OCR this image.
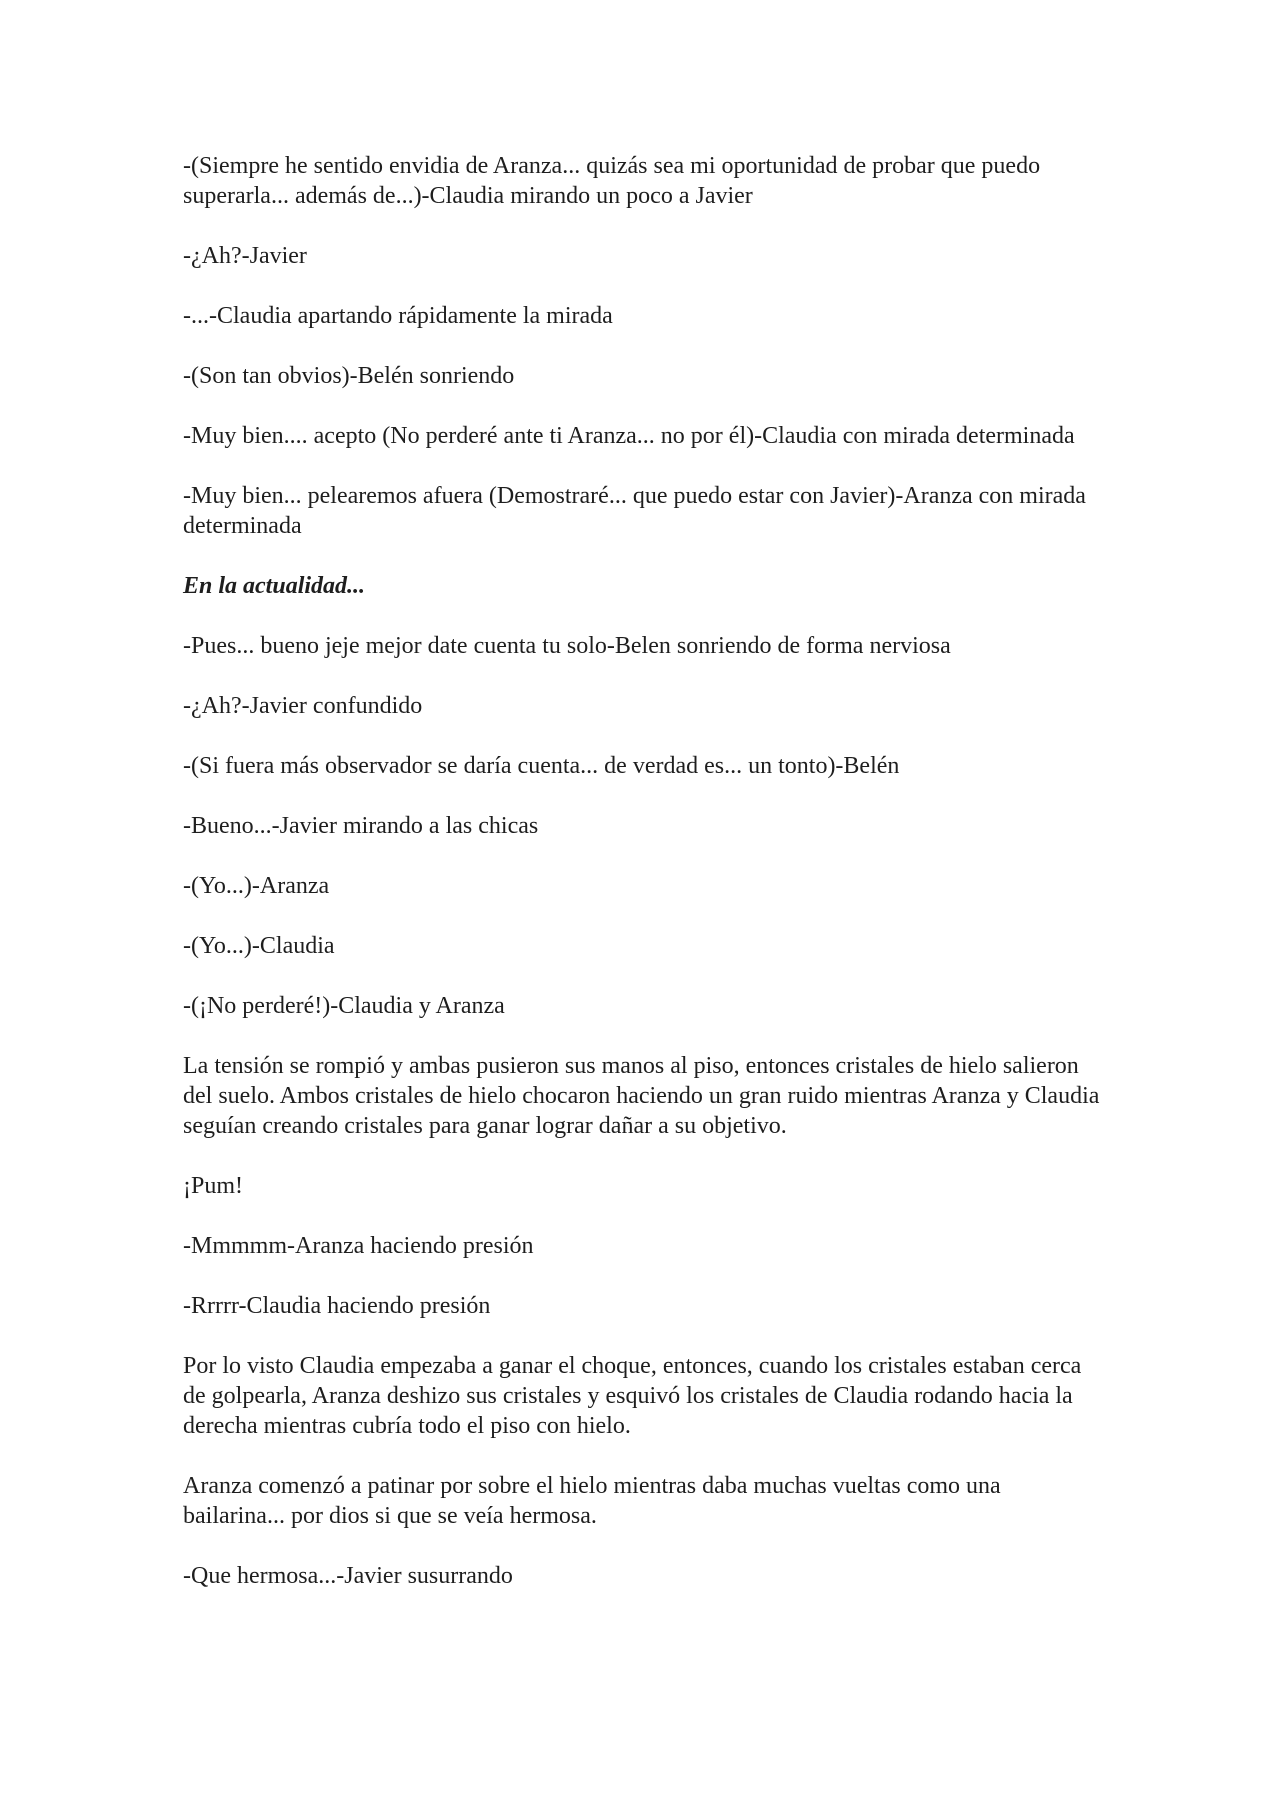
-(Siempre he sentido envidia de Aranza... quizás sea mi oportunidad de probar que puedo superarla... además de...)-Claudia mirando un poco a Javier

-¿Ah?-Javier

-...-Claudia apartando rápidamente la mirada

-(Son tan obvios)-Belén sonriendo

-Muy bien.... acepto (No perderé ante ti Aranza... no por él)-Claudia con mirada determinada

-Muy bien... pelearemos afuera (Demostraré... que puedo estar con Javier)-Aranza con mirada determinada

En la actualidad...

-Pues... bueno jeje mejor date cuenta tu solo-Belen sonriendo de forma nerviosa

-¿Ah?-Javier confundido

-(Si fuera más observador se daría cuenta... de verdad es... un tonto)-Belén

-Bueno...-Javier mirando a las chicas

-(Yo...)-Aranza

-(Yo...)-Claudia

-(¡No perderé!)-Claudia y Aranza

La tensión se rompió y ambas pusieron sus manos al piso, entonces cristales de hielo salieron del suelo. Ambos cristales de hielo chocaron haciendo un gran ruido mientras Aranza y Claudia seguían creando cristales para ganar lograr dañar a su objetivo.

¡Pum!

-Mmmmm-Aranza haciendo presión

-Rrrrr-Claudia haciendo presión

Por lo visto Claudia empezaba a ganar el choque, entonces, cuando los cristales estaban cerca de golpearla, Aranza deshizo sus cristales y esquivó los cristales de Claudia rodando hacia la derecha mientras cubría todo el piso con hielo.

Aranza comenzó a patinar por sobre el hielo mientras daba muchas vueltas como una bailarina... por dios si que se veía hermosa.

-Que hermosa...-Javier susurrando
